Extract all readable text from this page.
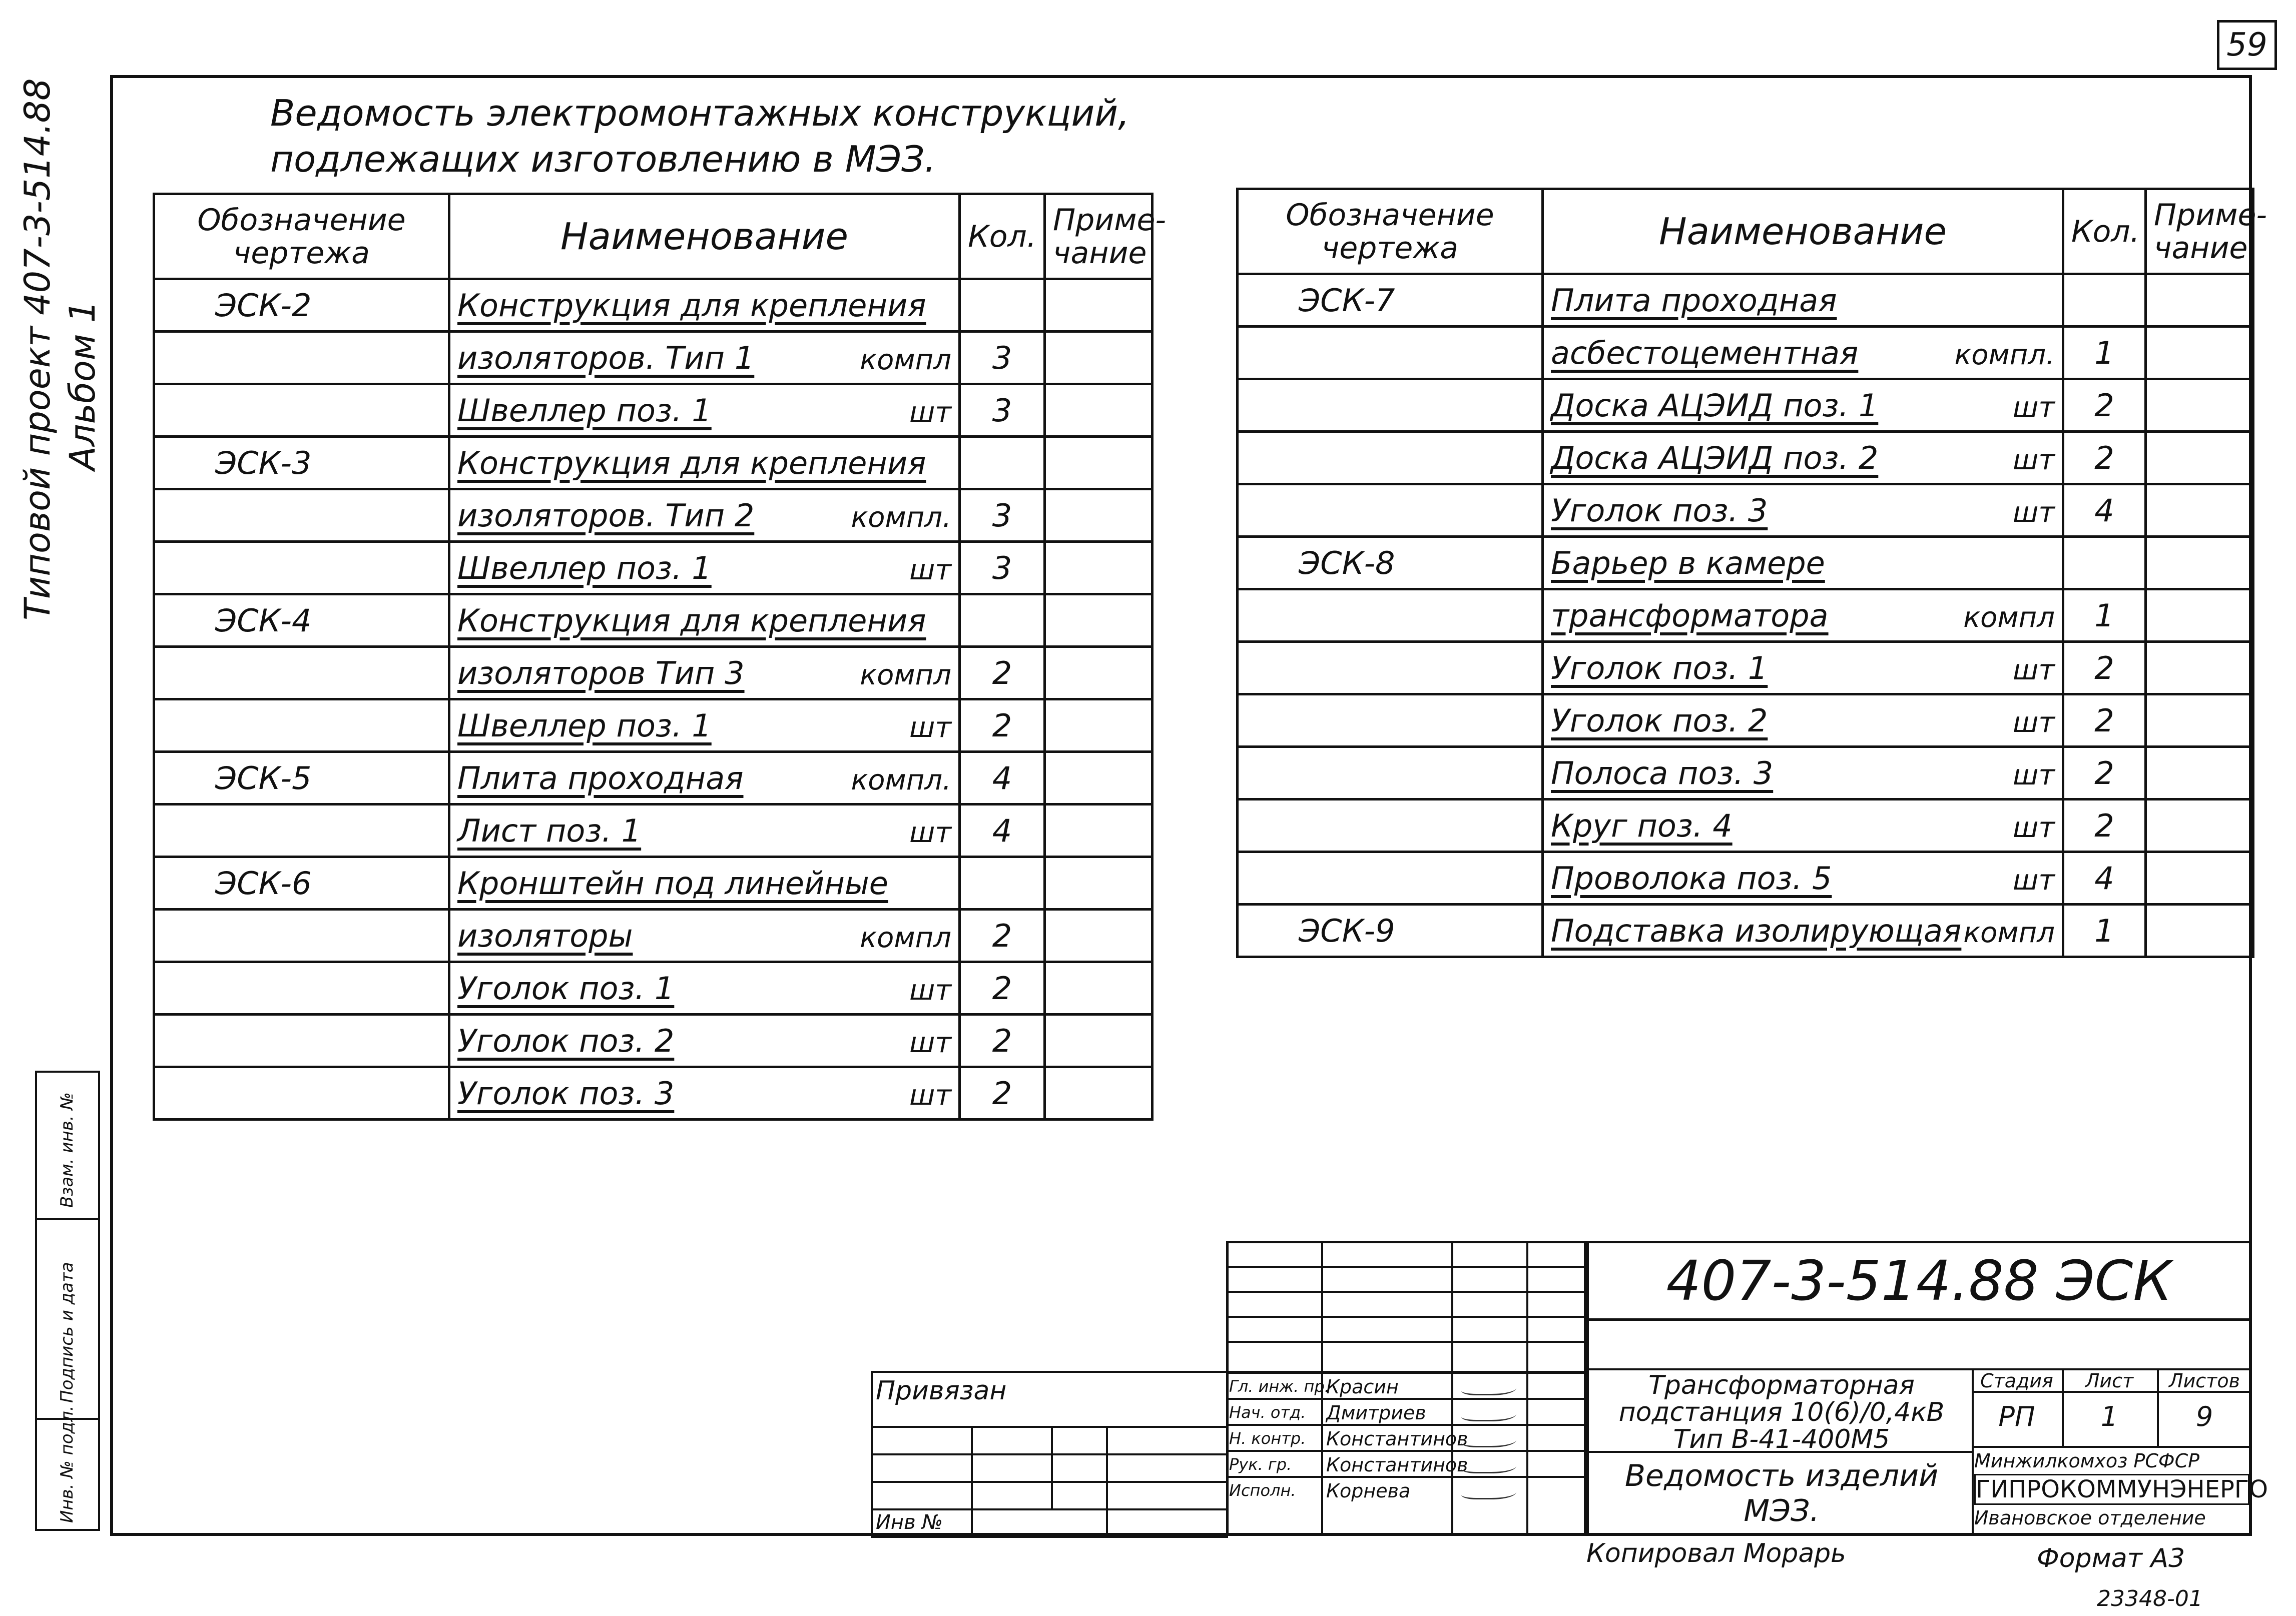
59
Типовой проект 407-3-514.88 Альбом 1
Ведомость электромонтажных конструкций,
подлежащих изготовлению в МЭЗ.
Обозначение чертежа	Наименование	Кол.	Приме-чание
ЭСК-2	Конструкция для крепления		

	изоляторов. Тип 1 компл	3	

	Швеллер поз. 1 шт	3	
ЭСК-3	Конструкция для крепления		

	изоляторов. Тип 2 компл.	3	

	Швеллер поз. 1 шт	3	
ЭСК-4	Конструкция для крепления		

	изоляторов Тип 3 компл	2	

	Швеллер поз. 1 шт	2	
ЭСК-5	Плита проходная компл.	4	

	Лист поз. 1 шт	4	
ЭСК-6	Кронштейн под линейные		

	изоляторы компл	2	

	Уголок поз. 1 шт	2	

	Уголок поз. 2 шт	2	

	Уголок поз. 3 шт	2	
Обозначение чертежа	Наименование	Кол.	Приме-чание
ЭСК-7	Плита проходная		

	асбестоцементная компл.	1	

	Доска АЦЭИД поз. 1 шт	2	

	Доска АЦЭИД поз. 2 шт	2	

	Уголок поз. 3 шт	4	
ЭСК-8	Барьер в камере		

	трансформатора компл	1	

	Уголок поз. 1 шт	2	

	Уголок поз. 2 шт	2	

	Полоса поз. 3 шт	2	

	Круг поз. 4 шт	2	

	Проволока поз. 5 шт	4	
ЭСК-9	Подставка изолирующая компл	1	
Взам. инв. №
Подпись и дата
Инв. № подл.
Привязан
Инв №
Гл. инж. пр.
Красин
Нач. отд. Дмитриев
Н. контр. Константинов
Рук. гр. Константинов
Исполн. Корнева
407-3-514.88 ЭСК
Трансформаторная подстанция 10(6)/0,4кВ Тип В-41-400М5
Ведомость изделий МЭЗ.
Стадия	Лист	Листов
РП	1	9
Минжилкомхоз РСФСР
ГИПРОКОММУНЭНЕРГО
Ивановское отделение
Копировал Морарь	Формат А3
23348-01
